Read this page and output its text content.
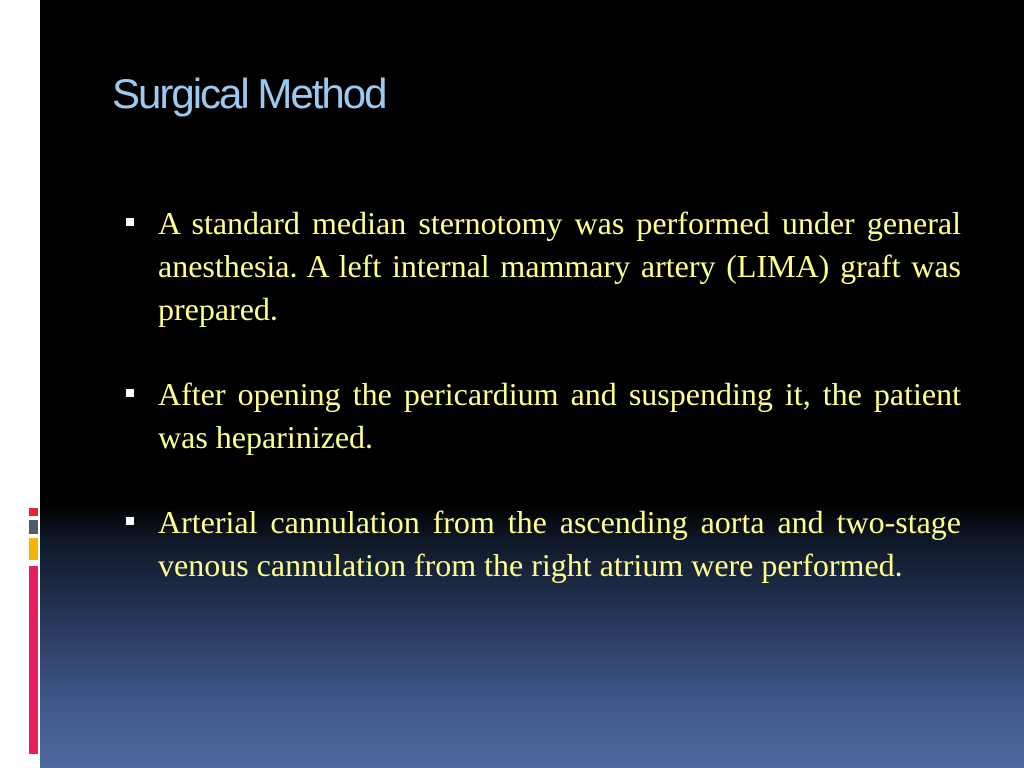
Surgical Method
A standard median sternotomy was performed under general anesthesia. A left internal mammary artery (LIMA) graft was prepared.
After opening the pericardium and suspending it, the patient was heparinized.
Arterial cannulation from the ascending aorta and two-stage venous cannulation from the right atrium were performed.
